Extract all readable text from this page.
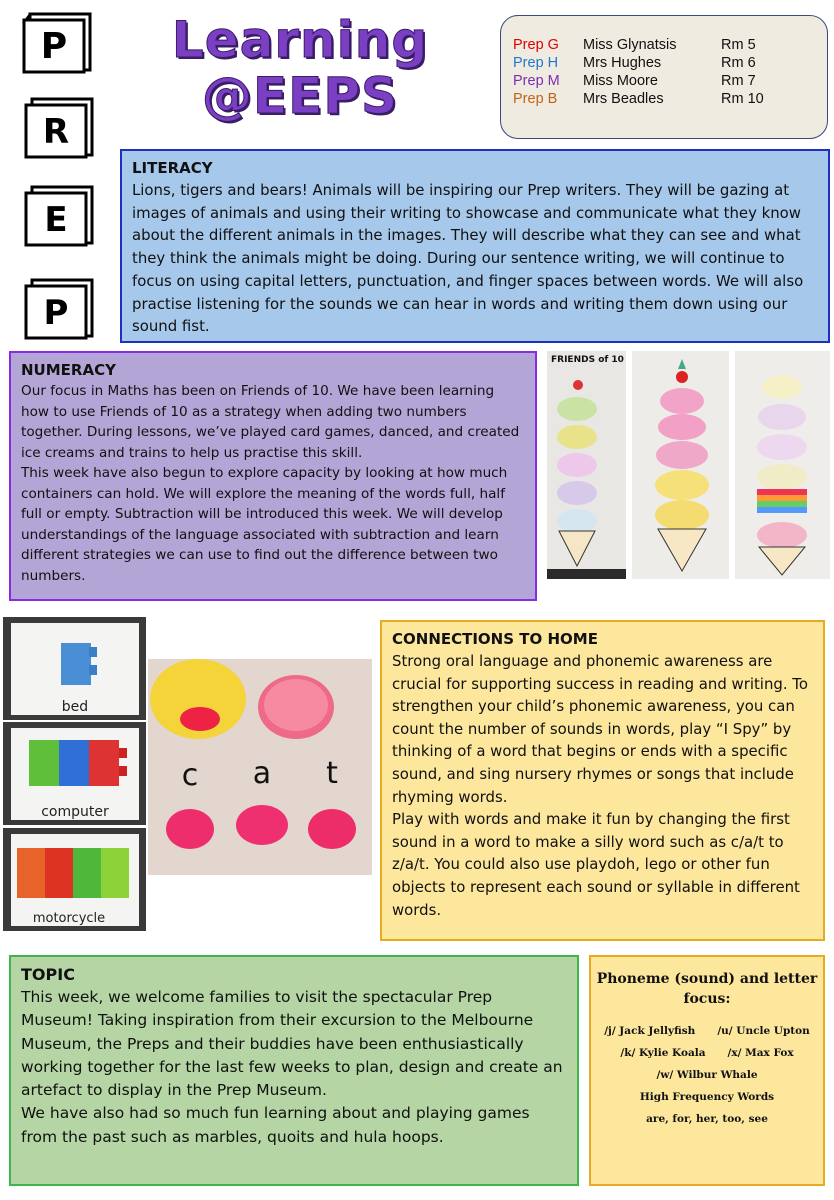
P
R
E
P
Learning
@EEPS
Prep G	Miss Glynatsis	Rm 5
Prep H	Mrs Hughes	Rm 6
Prep M	Miss Moore	Rm 7
Prep B	Mrs Beadles	Rm 10
LITERACY

Lions, tigers and bears! Animals will be inspiring our Prep writers. They will be gazing at images of animals and using their writing to showcase and communicate what they know about the different animals in the images. They will describe what they can see and what they think the animals might be doing. During our sentence writing, we will continue to focus on using capital letters, punctuation, and finger spaces between words. We will also practise listening for the sounds we can hear in words and writing them down using our sound fist.

NUMERACY

Our focus in Maths has been on Friends of 10. We have been learning how to use Friends of 10 as a strategy when adding two numbers together. During lessons, we’ve played card games, danced, and created ice creams and trains to help us practise this skill.

This week have also begun to explore capacity by looking at how much containers can hold. We will explore the meaning of the words full, half full or empty. Subtraction will be introduced this week. We will develop understandings of the language associated with subtraction and learn different strategies we can use to find out the difference between two numbers.

FRIENDS of 10
bed
computer
motorcycle
c a t
CONNECTIONS TO HOME

Strong oral language and phonemic awareness are crucial for supporting success in reading and writing. To strengthen your child’s phonemic awareness, you can count the number of sounds in words, play “I Spy” by thinking of a word that begins or ends with a specific sound, and sing nursery rhymes or songs that include rhyming words.

Play with words and make it fun by changing the first sound in a word to make a silly word such as c/a/t to z/a/t. You could also use playdoh, lego or other fun objects to represent each sound or syllable in different words.

TOPIC

This week, we welcome families to visit the spectacular Prep Museum! Taking inspiration from their excursion to the Melbourne Museum, the Preps and their buddies have been enthusiastically working together for the last few weeks to plan, design and create an artefact to display in the Prep Museum.

We have also had so much fun learning about and playing games from the past such as marbles, quoits and hula hoops.

Phoneme (sound) and letter focus:
/j/ Jack Jellyfish /u/ Uncle Upton
/k/ Kylie Koala /x/ Max Fox
/w/ Wilbur Whale
High Frequency Words
are, for, her, too, see
